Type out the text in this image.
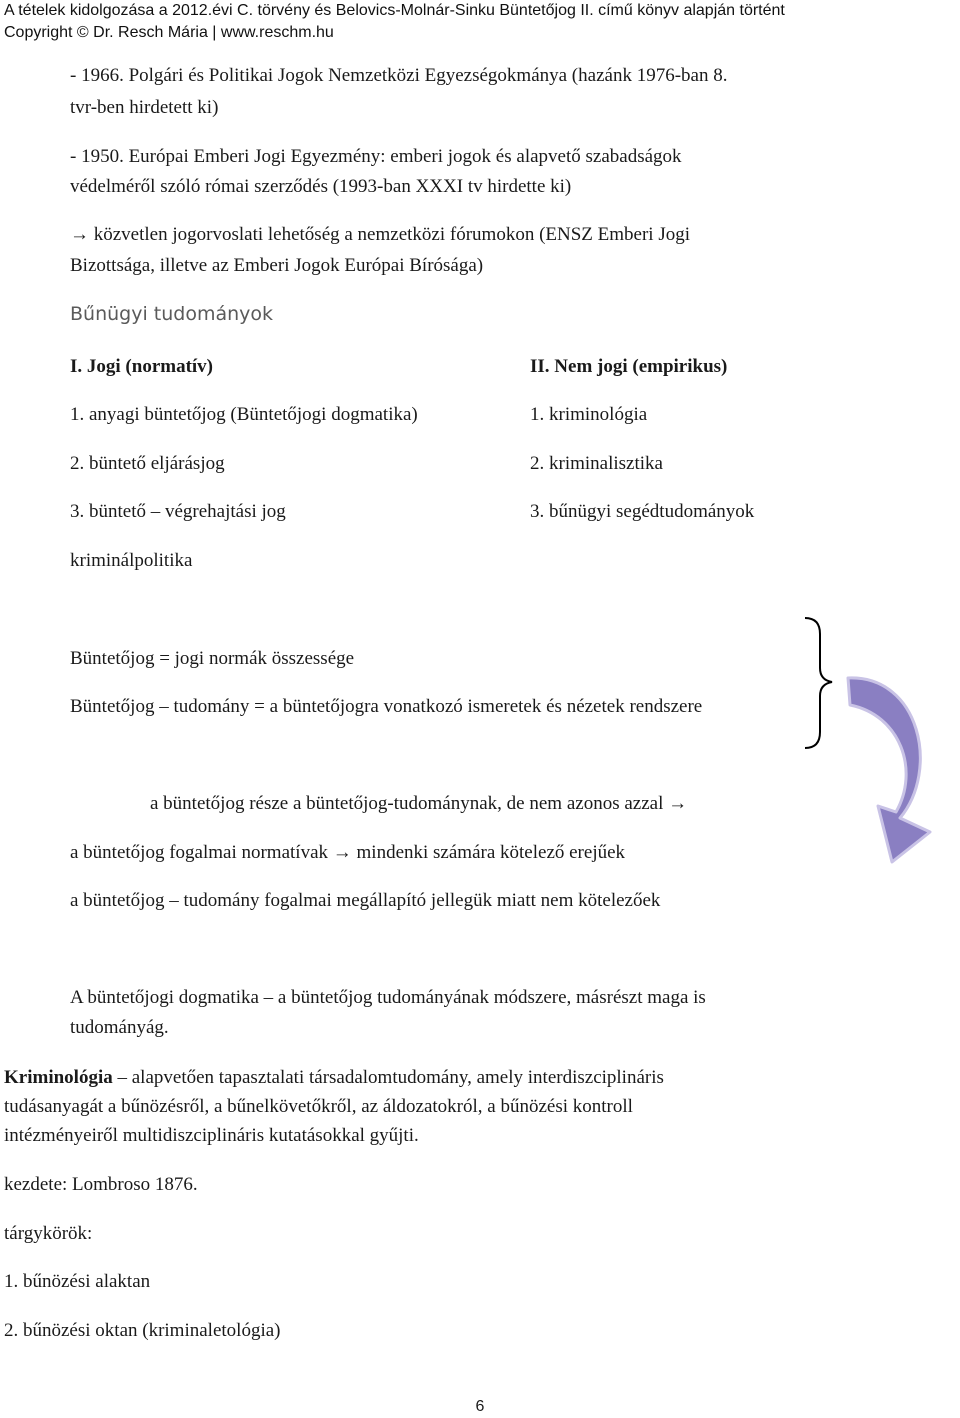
A tételek kidolgozása a 2012.évi C. törvény és Belovics-Molnár-Sinku Büntetőjog II. című könyv alapján történt
Copyright © Dr. Resch Mária | www.reschm.hu
- 1966. Polgári és Politikai Jogok Nemzetközi Egyezségokmánya (hazánk 1976-ban 8.
tvr-ben hirdetett ki)
- 1950. Európai Emberi Jogi Egyezmény: emberi jogok és alapvető szabadságok
védelméről szóló római szerződés (1993-ban XXXI tv hirdette ki)
→ közvetlen jogorvoslati lehetőség a nemzetközi fórumokon (ENSZ Emberi Jogi
Bizottsága, illetve az Emberi Jogok Európai Bírósága)
Bűnügyi tudományok
I. Jogi (normatív)	II. Nem jogi (empirikus)
1. anyagi büntetőjog (Büntetőjogi dogmatika)	1. kriminológia
2. büntető eljárásjog	2. kriminalisztika
3. büntető – végrehajtási jog	3. bűnügyi segédtudományok
kriminálpolitika
Büntetőjog = jogi normák összessége
Büntetőjog – tudomány = a büntetőjogra vonatkozó ismeretek és nézetek rendszere
a büntetőjog része a büntetőjog-tudománynak, de nem azonos azzal →
a büntetőjog fogalmai normatívak → mindenki számára kötelező erejűek
a büntetőjog – tudomány fogalmai megállapító jellegük miatt nem kötelezőek
A büntetőjogi dogmatika – a büntetőjog tudományának módszere, másrészt maga is
tudományág.
Kriminológia – alapvetően tapasztalati társadalomtudomány, amely interdiszciplináris
tudásanyagát a bűnözésről, a bűnelkövetőkről, az áldozatokról, a bűnözési kontroll
intézményeiről multidiszciplináris kutatásokkal gyűjti.
kezdete: Lombroso 1876.
tárgykörök:
1. bűnözési alaktan
2. bűnözési oktan (kriminaletológia)
6
